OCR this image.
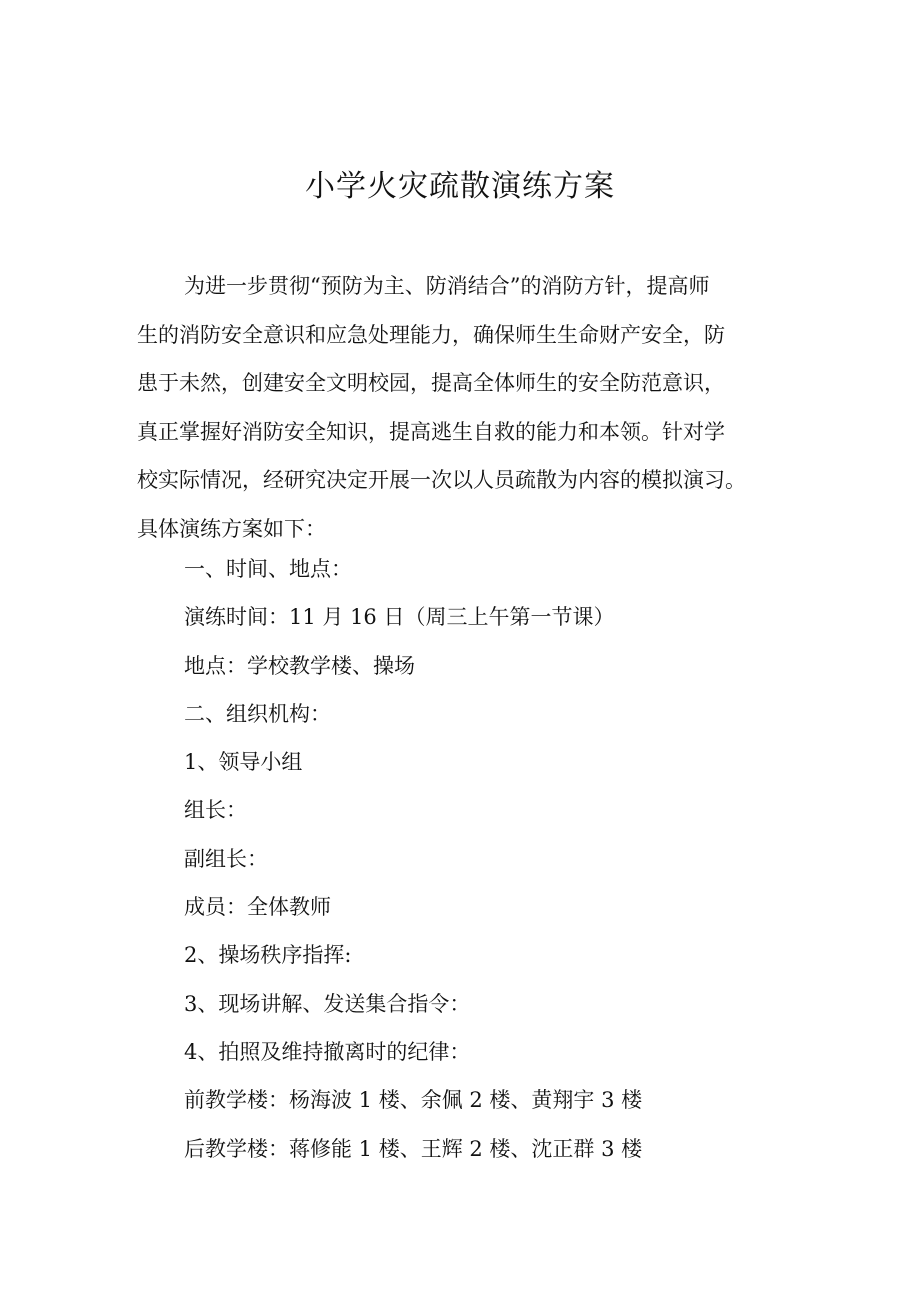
小学火灾疏散演练方案

为进一步贯彻“预防为主、防消结合”的消防方针，提高师
生的消防安全意识和应急处理能力，确保师生生命财产安全，防
患于未然，创建安全文明校园，提高全体师生的安全防范意识，
真正掌握好消防安全知识，提高逃生自救的能力和本领。针对学
校实际情况，经研究决定开展一次以人员疏散为内容的模拟演习。
具体演练方案如下：

一、时间、地点：
演练时间：11 月 16 日（周三上午第一节课）
地点：学校教学楼、操场
二、组织机构：
1、领导小组
组长：
副组长：
成员：全体教师
2、操场秩序指挥:
3、现场讲解、发送集合指令：
4、拍照及维持撤离时的纪律：
前教学楼：杨海波 1 楼、余佩 2 楼、黄翔宇 3 楼
后教学楼：蒋修能 1 楼、王辉 2 楼、沈正群 3 楼
